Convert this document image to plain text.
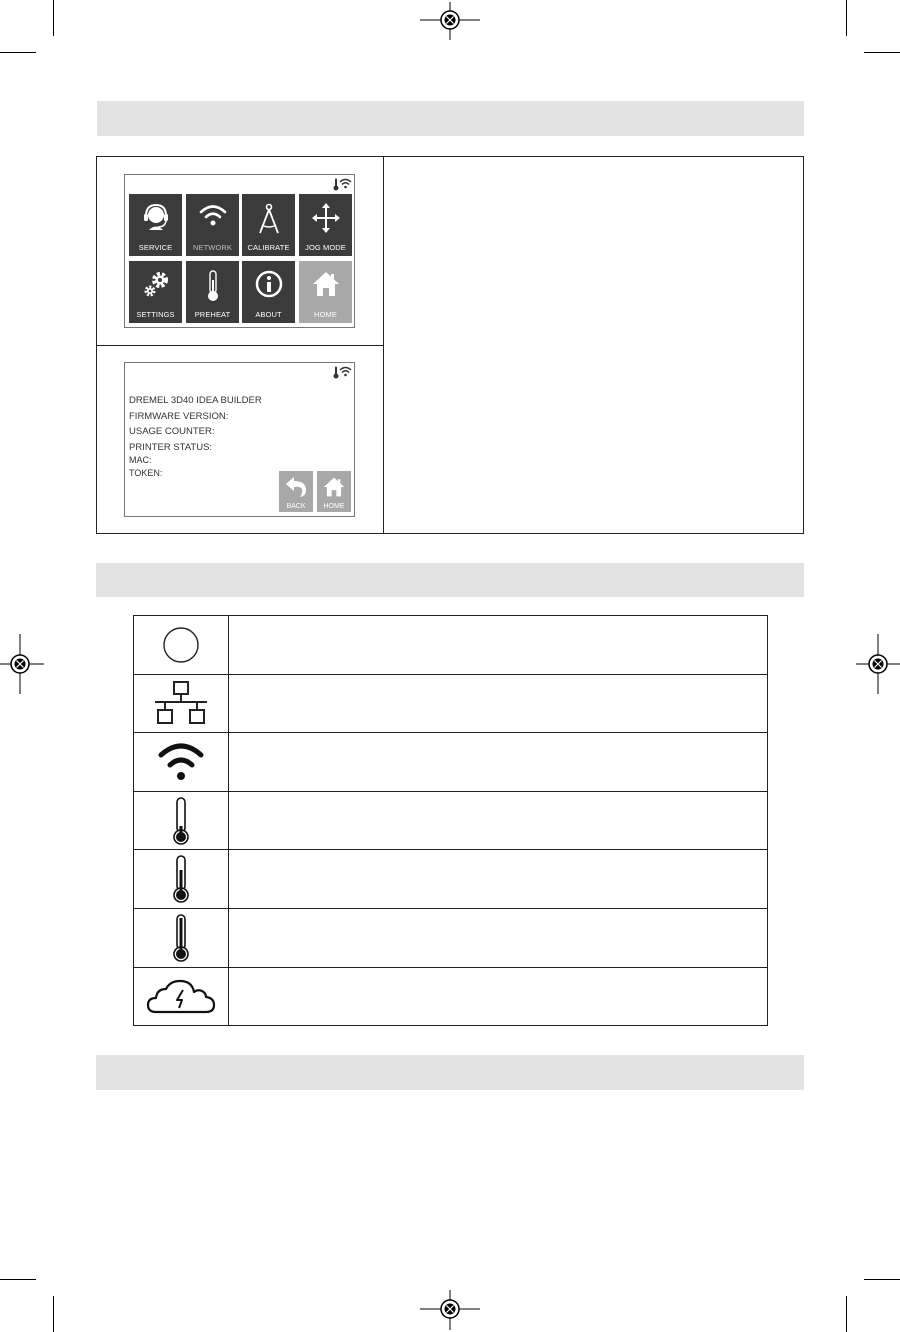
SERVICE	NETWORK	CALIBRATE	JOG MODE
SETTINGS	PREHEAT	ABOUT	HOME
DREMEL 3D40 IDEA BUILDER
FIRMWARE VERSION:
USAGE COUNTER:
PRINTER STATUS:
MAC:
TOKEN:
BACK	HOME
